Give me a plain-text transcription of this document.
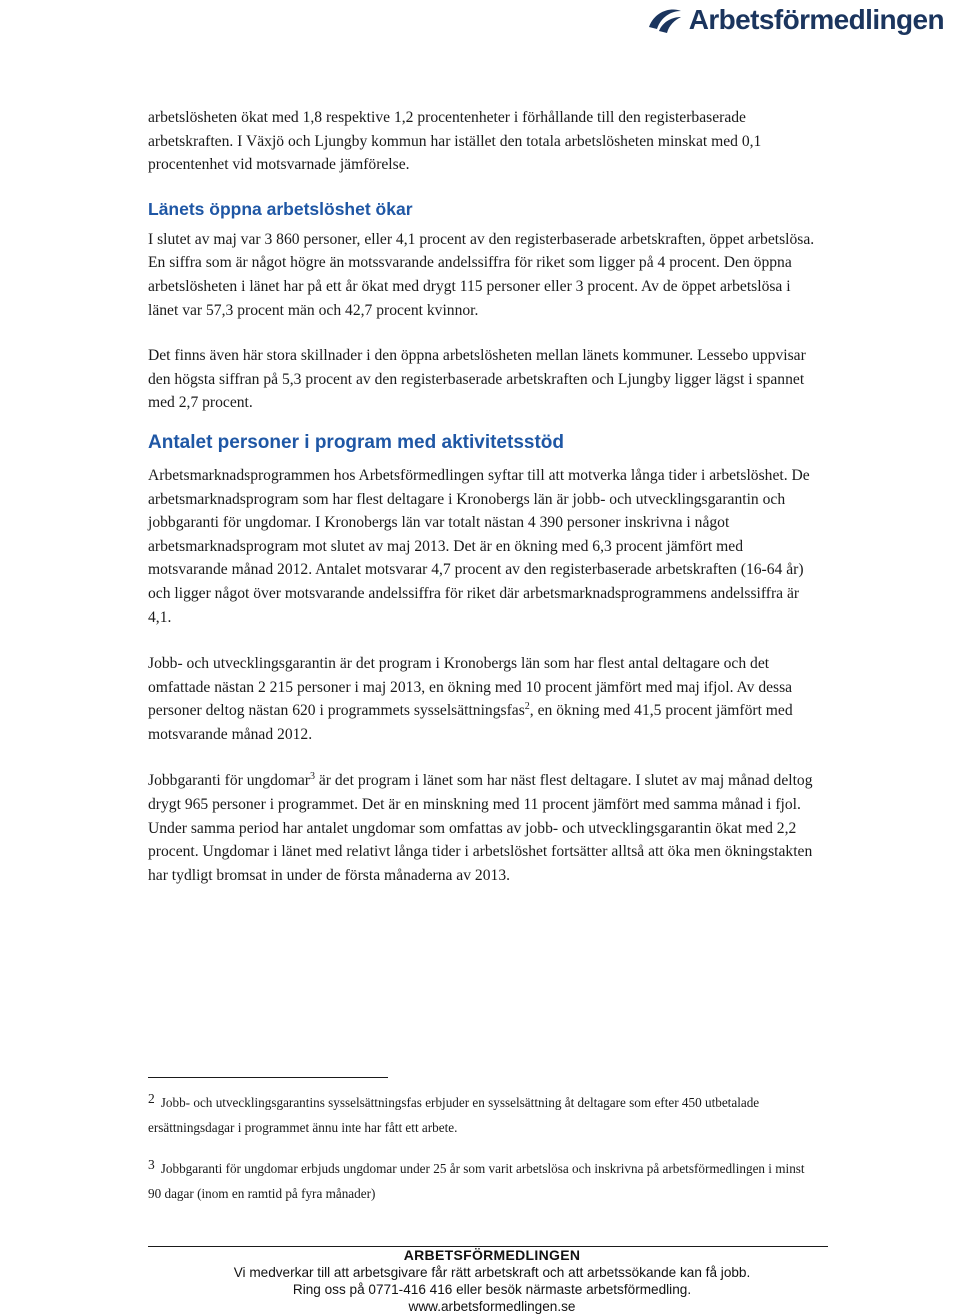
Arbetsförmedlingen

arbetslösheten ökat med 1,8 respektive 1,2 procentenheter i förhållande till den registerbaserade arbetskraften. I Växjö och Ljungby kommun har istället den totala arbetslösheten minskat med 0,1 procentenhet vid motsvarnade jämförelse.

Länets öppna arbetslöshet ökar

I slutet av maj var 3 860 personer, eller 4,1 procent av den registerbaserade arbetskraften, öppet arbetslösa. En siffra som är något högre än motssvarande andelssiffra för riket som ligger på 4 procent. Den öppna arbetslösheten i länet har på ett år ökat med drygt 115 personer eller 3 procent. Av de öppet arbetslösa i länet var 57,3 procent män och 42,7 procent kvinnor.

Det finns även här stora skillnader i den öppna arbetslösheten mellan länets kommuner. Lessebo uppvisar den högsta siffran på 5,3 procent av den registerbaserade arbetskraften och Ljungby ligger lägst i spannet med 2,7 procent.

Antalet personer i program med aktivitetsstöd

Arbetsmarknadsprogrammen hos Arbetsförmedlingen syftar till att motverka långa tider i arbetslöshet. De arbetsmarknadsprogram som har flest deltagare i Kronobergs län är jobb- och utvecklingsgarantin och jobbgaranti för ungdomar. I Kronobergs län var totalt nästan 4 390 personer inskrivna i något arbetsmarknadsprogram mot slutet av maj 2013. Det är en ökning med 6,3 procent jämfört med motsvarande månad 2012. Antalet motsvarar 4,7 procent av den registerbaserade arbetskraften (16-64 år) och ligger något över motsvarande andelssiffra för riket där arbetsmarknadsprogrammens andelssiffra är 4,1.

Jobb- och utvecklingsgarantin är det program i Kronobergs län som har flest antal deltagare och det omfattade nästan 2 215 personer i maj 2013, en ökning med 10 procent jämfört med maj ifjol. Av dessa personer deltog nästan 620 i programmets sysselsättningsfas$^2$, en ökning med 41,5 procent jämfört med motsvarande månad 2012.

Jobbgaranti för ungdomar$^3$ är det program i länet som har näst flest deltagare. I slutet av maj månad deltog drygt 965 personer i programmet. Det är en minskning med 11 procent jämfört med samma månad i fjol. Under samma period har antalet ungdomar som omfattas av jobb- och utvecklingsgarantin ökat med 2,2 procent. Ungdomar i länet med relativt långa tider i arbetslöshet fortsätter alltså att öka men ökningstakten har tydligt bromsat in under de första månaderna av 2013.

2 Jobb- och utvecklingsgarantins sysselsättningsfas erbjuder en sysselsättning åt deltagare som efter 450 utbetalade ersättningsdagar i programmet ännu inte har fått ett arbete.
3 Jobbgaranti för ungdomar erbjuds ungdomar under 25 år som varit arbetslösa och inskrivna på arbetsförmedlingen i minst 90 dagar (inom en ramtid på fyra månader)
ARBETSFÖRMEDLINGEN
Vi medverkar till att arbetsgivare får rätt arbetskraft och att arbetssökande kan få jobb.
Ring oss på 0771-416 416 eller besök närmaste arbetsförmedling.
www.arbetsformedlingen.se
